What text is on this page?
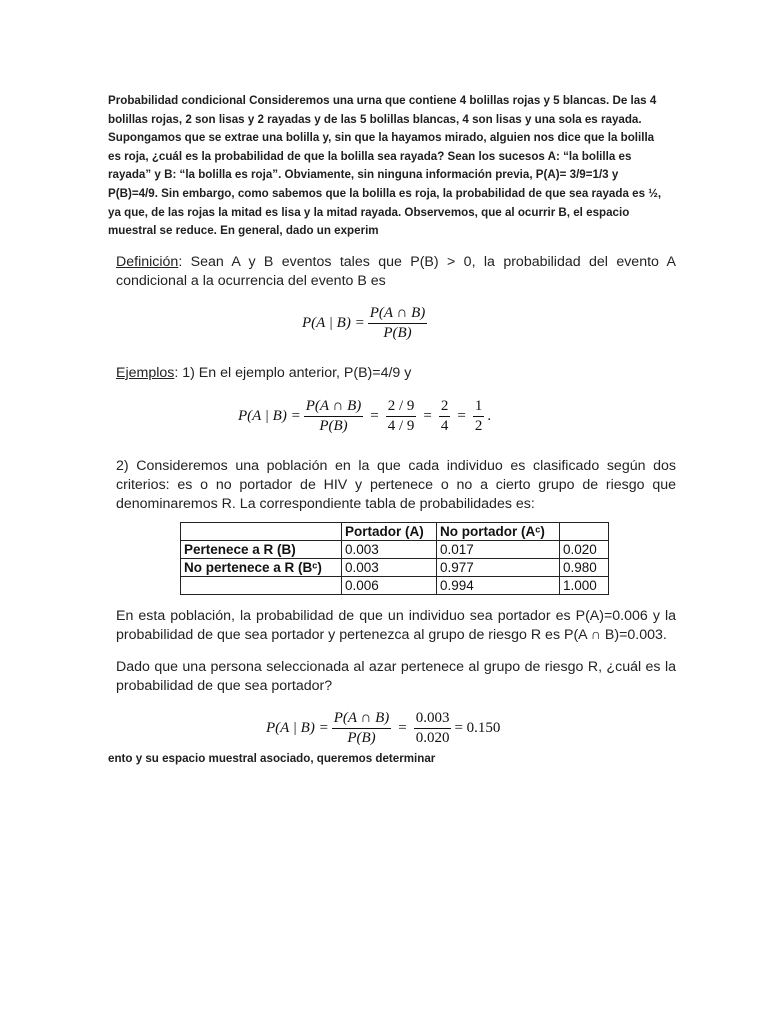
Probabilidad condicional Consideremos una urna que contiene 4 bolillas rojas y 5 blancas. De las 4 bolillas rojas, 2 son lisas y 2 rayadas y de las 5 bolillas blancas, 4 son lisas y una sola es rayada. Supongamos que se extrae una bolilla y, sin que la hayamos mirado, alguien nos dice que la bolilla es roja, ¿cuál es la probabilidad de que la bolilla sea rayada? Sean los sucesos A: “la bolilla es rayada” y B: “la bolilla es roja”. Obviamente, sin ninguna información previa, P(A)= 3/9=1/3 y P(B)=4/9. Sin embargo, como sabemos que la bolilla es roja, la probabilidad de que sea rayada es ½, ya que, de las rojas la mitad es lisa y la mitad rayada. Observemos, que al ocurrir B, el espacio muestral se reduce. En general, dado un experim
Definición: Sean A y B eventos tales que P(B) > 0, la probabilidad del evento A condicional a la ocurrencia del evento B es
P(A | $B) = \frac{P(A \cap B)}{P(B)}$
Ejemplos: 1) En el ejemplo anterior, P(B)=4/9 y
P(A | $B) = \frac{P(A \cap B)}{P(B)} = \frac{2 / 9}{4 / 9} = \frac{2}{4} = \frac{1}{2}$ .
2) Consideremos una población en la que cada individuo es clasificado según dos criterios: es o no portador de HIV y pertenece o no a cierto grupo de riesgo que denominaremos R. La correspondiente tabla de probabilidades es:
	Portador (A)	No portador (Aᶜ)	
Pertenece a R (B)	0.003	0.017	0.020
No pertenece a R (Bᶜ)	0.003	0.977	0.980
	0.006	0.994	1.000
En esta población, la probabilidad de que un individuo sea portador es P(A)=0.006 y la probabilidad de que sea portador y pertenezca al grupo de riesgo R es P(A ∩ B)=0.003.
Dado que una persona seleccionada al azar pertenece al grupo de riesgo R, ¿cuál es la probabilidad de que sea portador?
P(A | $B) = \frac{P(A \cap B)}{P(B)} = \frac{0.003}{0.020} = 0.150$
ento y su espacio muestral asociado, queremos determinar
